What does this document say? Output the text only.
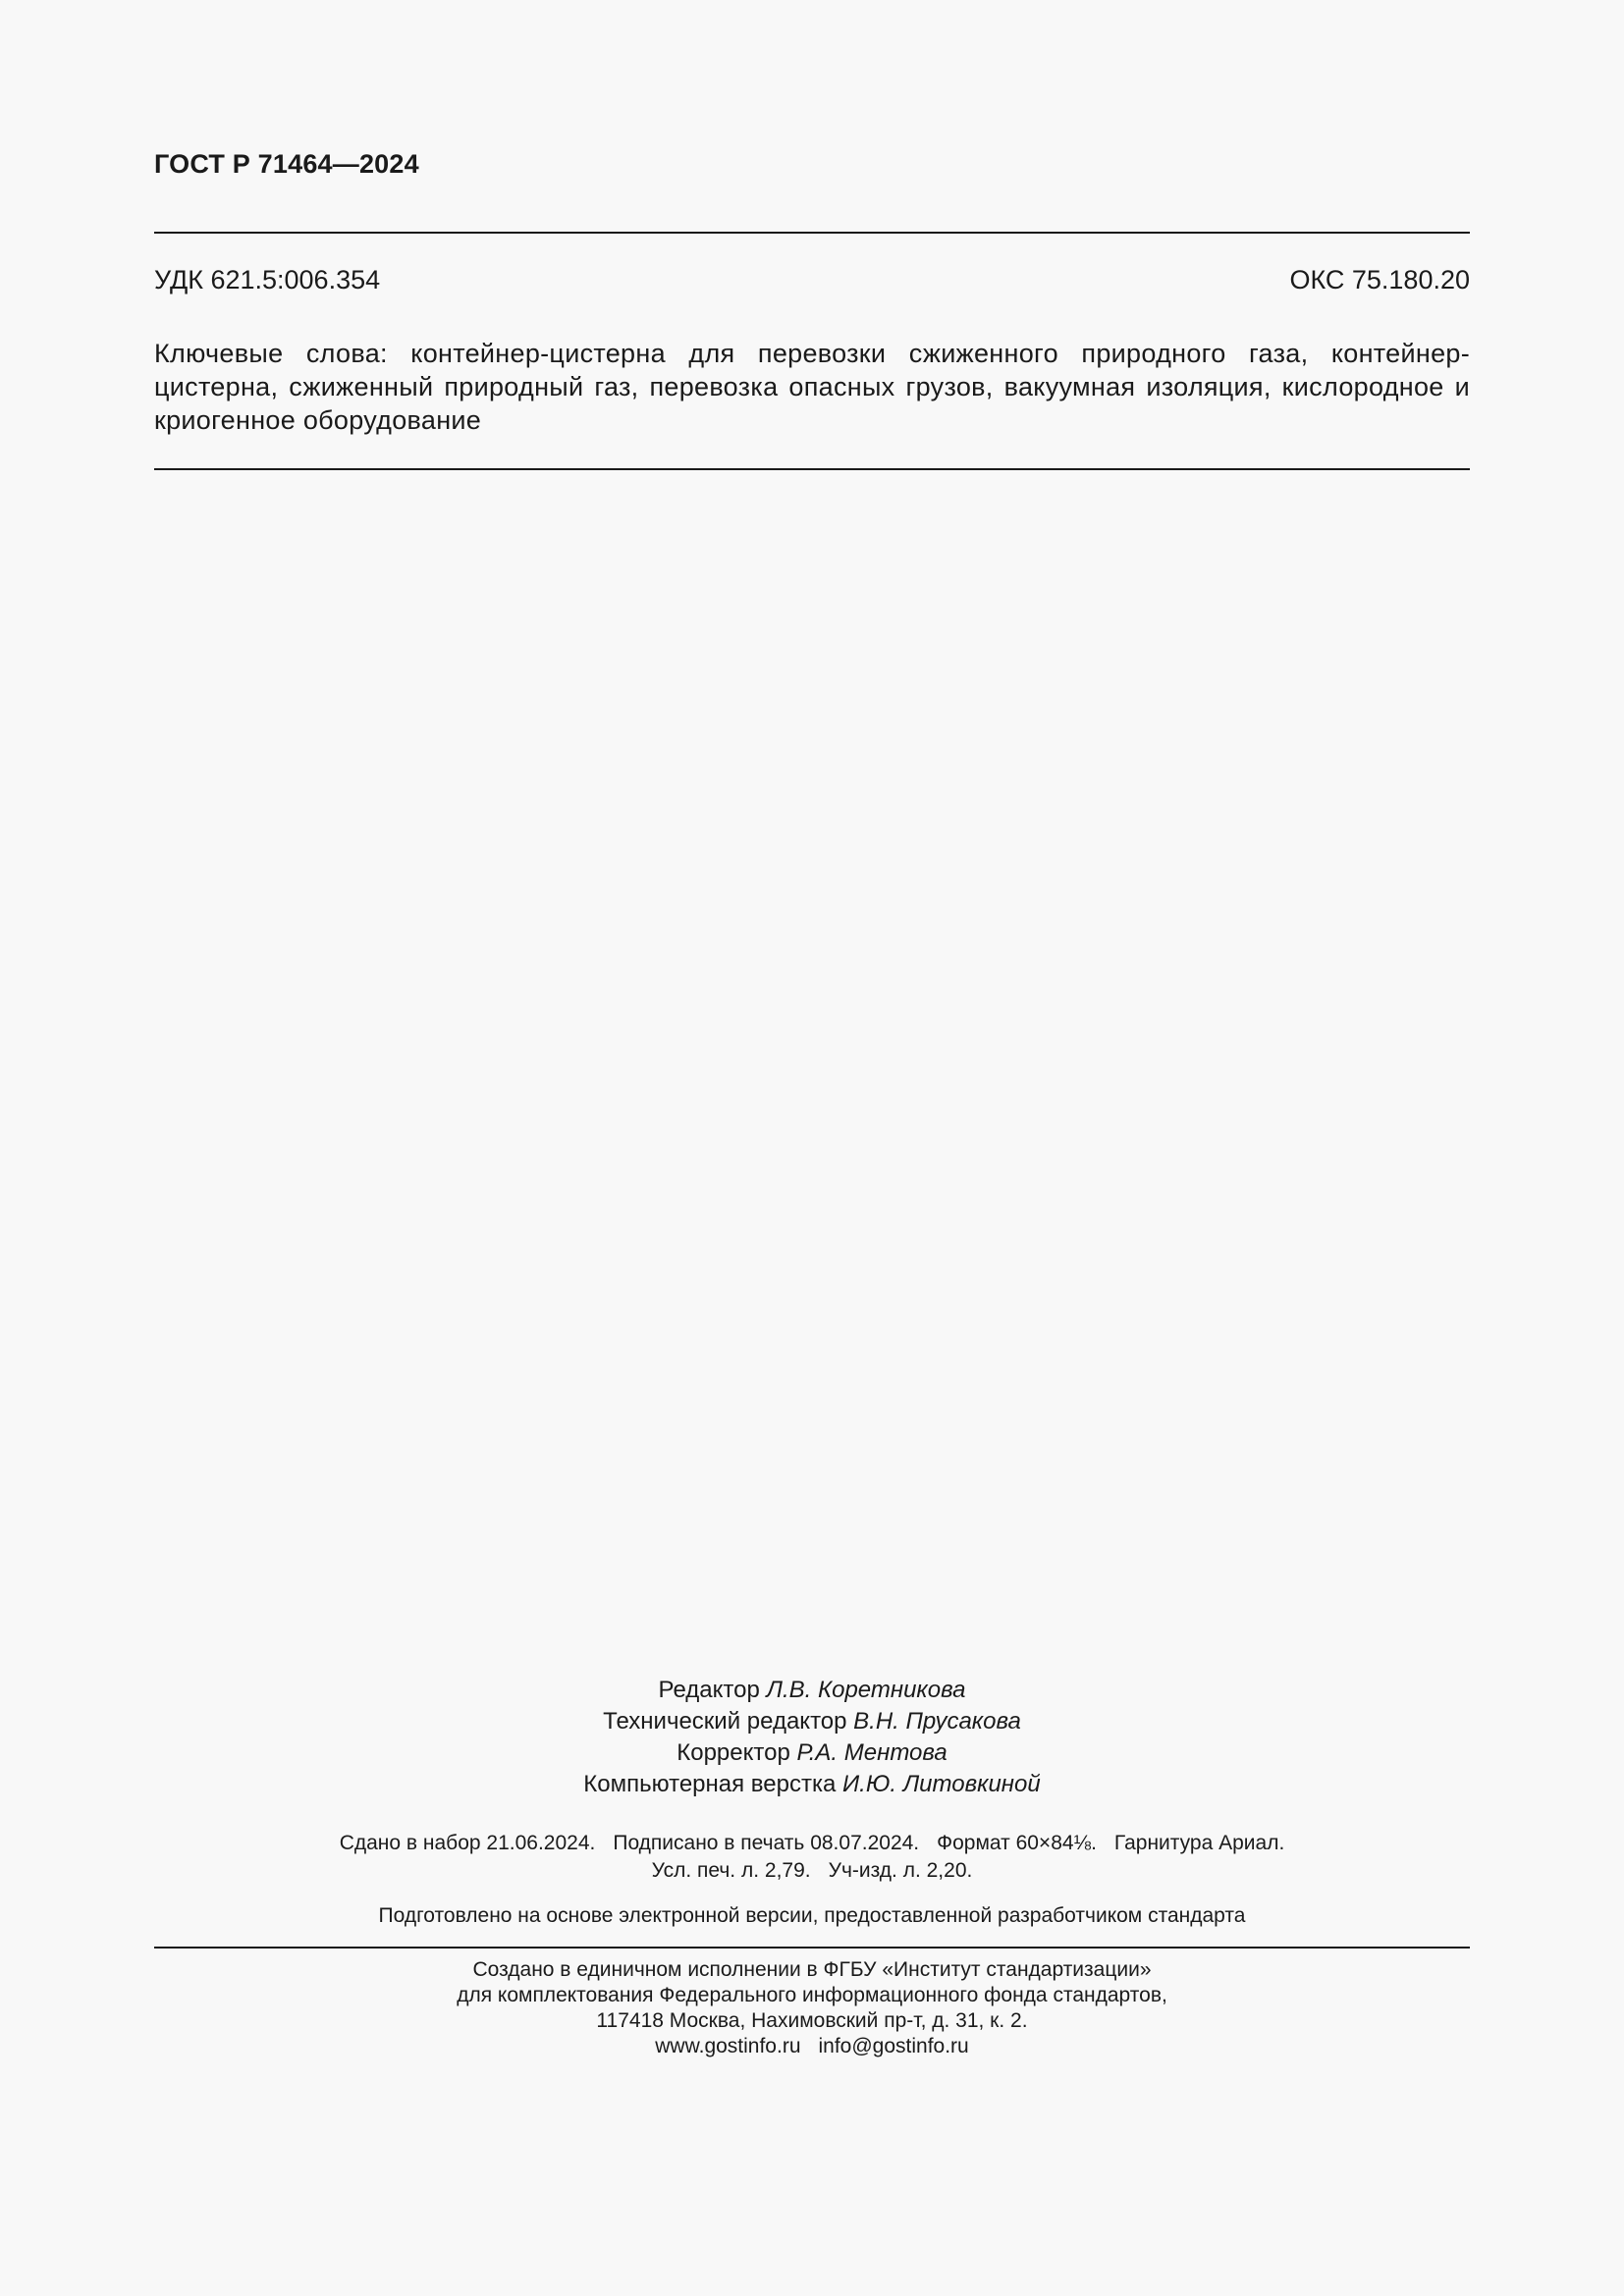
ГОСТ Р 71464—2024
УДК 621.5:006.354	ОКС 75.180.20
Ключевые слова: контейнер-цистерна для перевозки сжиженного природного газа, контейнер-цистерна, сжиженный природный газ, перевозка опасных грузов, вакуумная изоляция, кислородное и криогенное оборудование
Редактор Л.В. Коретникова
Технический редактор В.Н. Прусакова
Корректор Р.А. Ментова
Компьютерная верстка И.Ю. Литовкиной
Сдано в набор 21.06.2024. Подписано в печать 08.07.2024. Формат 60×84⅛. Гарнитура Ариал.
Усл. печ. л. 2,79. Уч-изд. л. 2,20.
Подготовлено на основе электронной версии, предоставленной разработчиком стандарта
Создано в единичном исполнении в ФГБУ «Институт стандартизации»
для комплектования Федерального информационного фонда стандартов,
117418 Москва, Нахимовский пр-т, д. 31, к. 2.
www.gostinfo.ru info@gostinfo.ru
